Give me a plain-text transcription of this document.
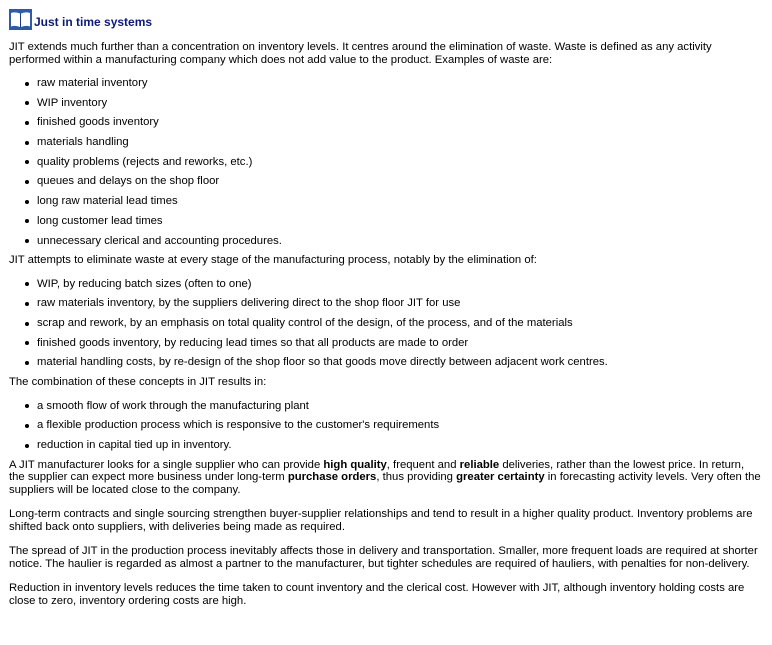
Just in time systems

JIT extends much further than a concentration on inventory levels. It centres around the elimination of waste. Waste is defined as any activity performed within a manufacturing company which does not add value to the product. Examples of waste are:

raw material inventory
WIP inventory
finished goods inventory
materials handling
quality problems (rejects and reworks, etc.)
queues and delays on the shop floor
long raw material lead times
long customer lead times
unnecessary clerical and accounting procedures.

JIT attempts to eliminate waste at every stage of the manufacturing process, notably by the elimination of:

WIP, by reducing batch sizes (often to one)
raw materials inventory, by the suppliers delivering direct to the shop floor JIT for use
scrap and rework, by an emphasis on total quality control of the design, of the process, and of the materials
finished goods inventory, by reducing lead times so that all products are made to order
material handling costs, by re-design of the shop floor so that goods move directly between adjacent work centres.

The combination of these concepts in JIT results in:

a smooth flow of work through the manufacturing plant
a flexible production process which is responsive to the customer's requirements
reduction in capital tied up in inventory.

A JIT manufacturer looks for a single supplier who can provide high quality, frequent and reliable deliveries, rather than the lowest price. In return, the supplier can expect more business under long-term purchase orders, thus providing greater certainty in forecasting activity levels. Very often the suppliers will be located close to the company.

Long-term contracts and single sourcing strengthen buyer-supplier relationships and tend to result in a higher quality product. Inventory problems are shifted back onto suppliers, with deliveries being made as required.

The spread of JIT in the production process inevitably affects those in delivery and transportation. Smaller, more frequent loads are required at shorter notice. The haulier is regarded as almost a partner to the manufacturer, but tighter schedules are required of hauliers, with penalties for non-delivery.

Reduction in inventory levels reduces the time taken to count inventory and the clerical cost. However with JIT, although inventory holding costs are close to zero, inventory ordering costs are high.
